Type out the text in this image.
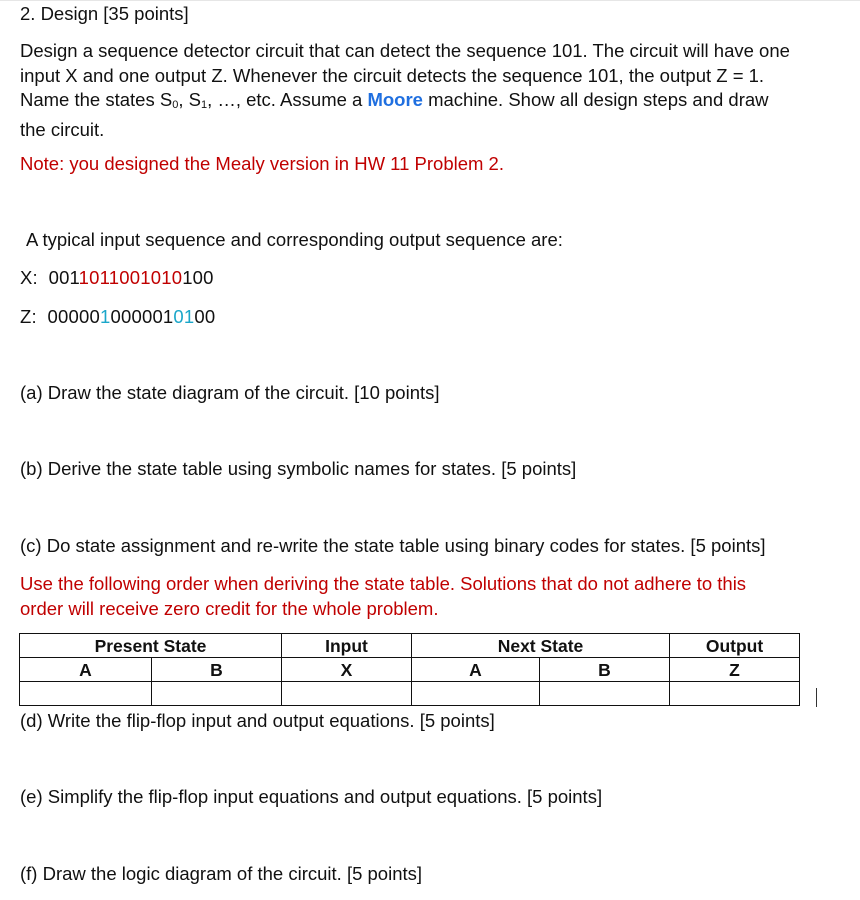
2. Design [35 points]
Design a sequence detector circuit that can detect the sequence 101. The circuit will have one
input X and one output Z. Whenever the circuit detects the sequence 101, the output Z = 1.
Name the states $S_0$, $S_1$, …, etc. Assume a Moore machine. Show all design steps and draw
the circuit.
Note: you designed the Mealy version in HW 11 Problem 2.
A typical input sequence and corresponding output sequence are:
X: 0011011001010100
Z: 0000010000010100
(a) Draw the state diagram of the circuit. [10 points]
(b) Derive the state table using symbolic names for states. [5 points]
(c) Do state assignment and re-write the state table using binary codes for states. [5 points]
Use the following order when deriving the state table. Solutions that do not adhere to this
order will receive zero credit for the whole problem.
Present State		Input	Next State		Output
A	B	X	A	B	Z

(d) Write the flip-flop input and output equations. [5 points]
(e) Simplify the flip-flop input equations and output equations. [5 points]
(f) Draw the logic diagram of the circuit. [5 points]
